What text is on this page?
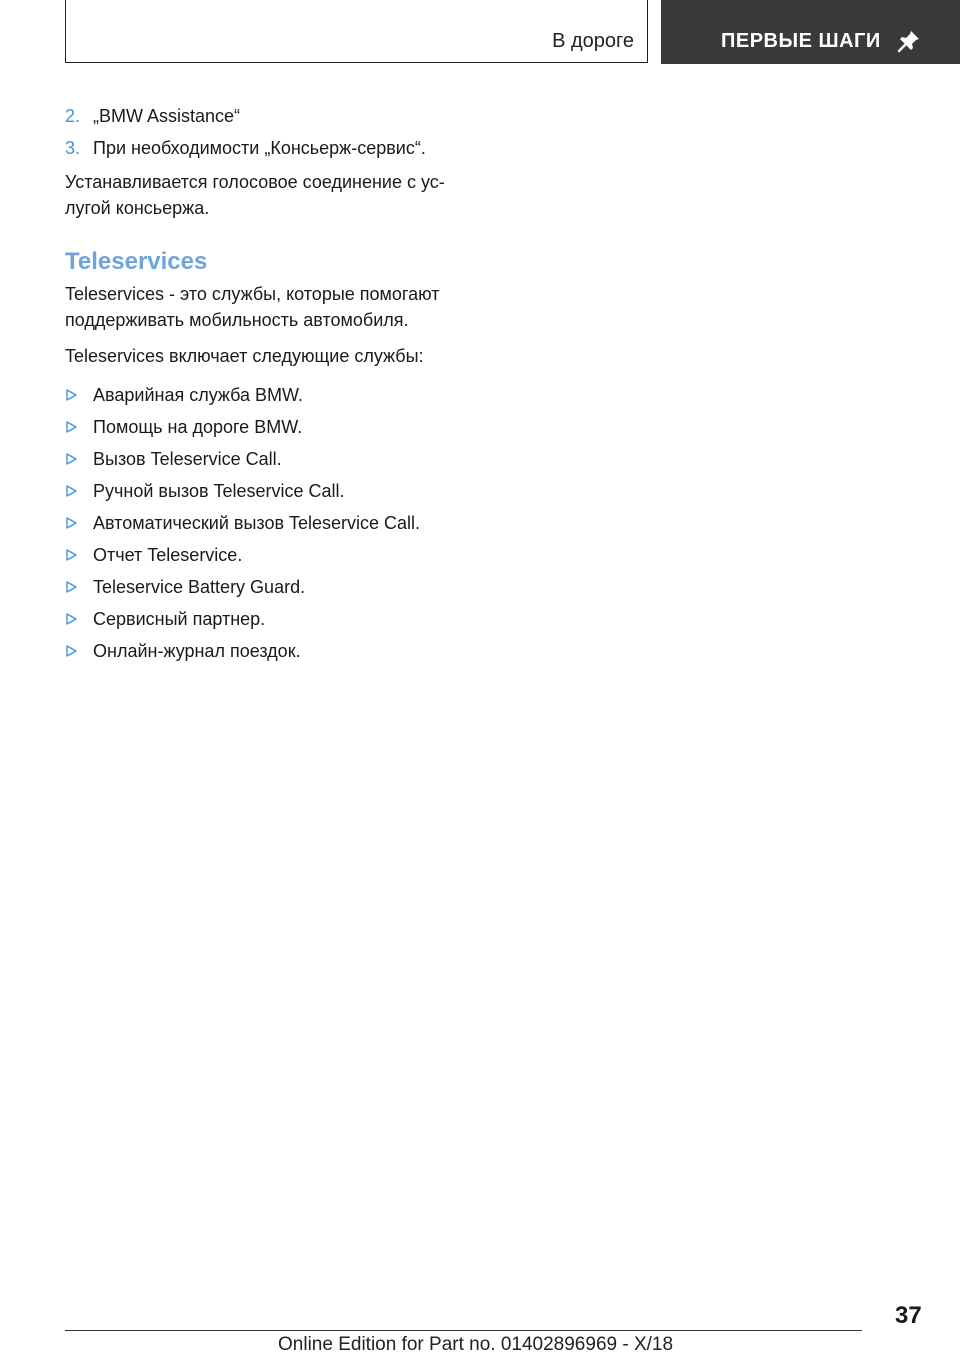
В дороге	ПЕРВЫЕ ШАГИ
2. „BMW Assistance“
3. При необходимости „Консьерж-сервис“.

Устанавливается голосовое соединение с ус-
лугой консьержа.

Teleservices

Teleservices - это службы, которые помогают
поддерживать мобильность автомобиля.

Teleservices включает следующие службы:

Аварийная служба BMW.
Помощь на дороге BMW.
Вызов Teleservice Call.
Ручной вызов Teleservice Call.
Автоматический вызов Teleservice Call.
Отчет Teleservice.
Teleservice Battery Guard.
Сервисный партнер.
Онлайн-журнал поездок.
37
Online Edition for Part no. 01402896969 - X/18
